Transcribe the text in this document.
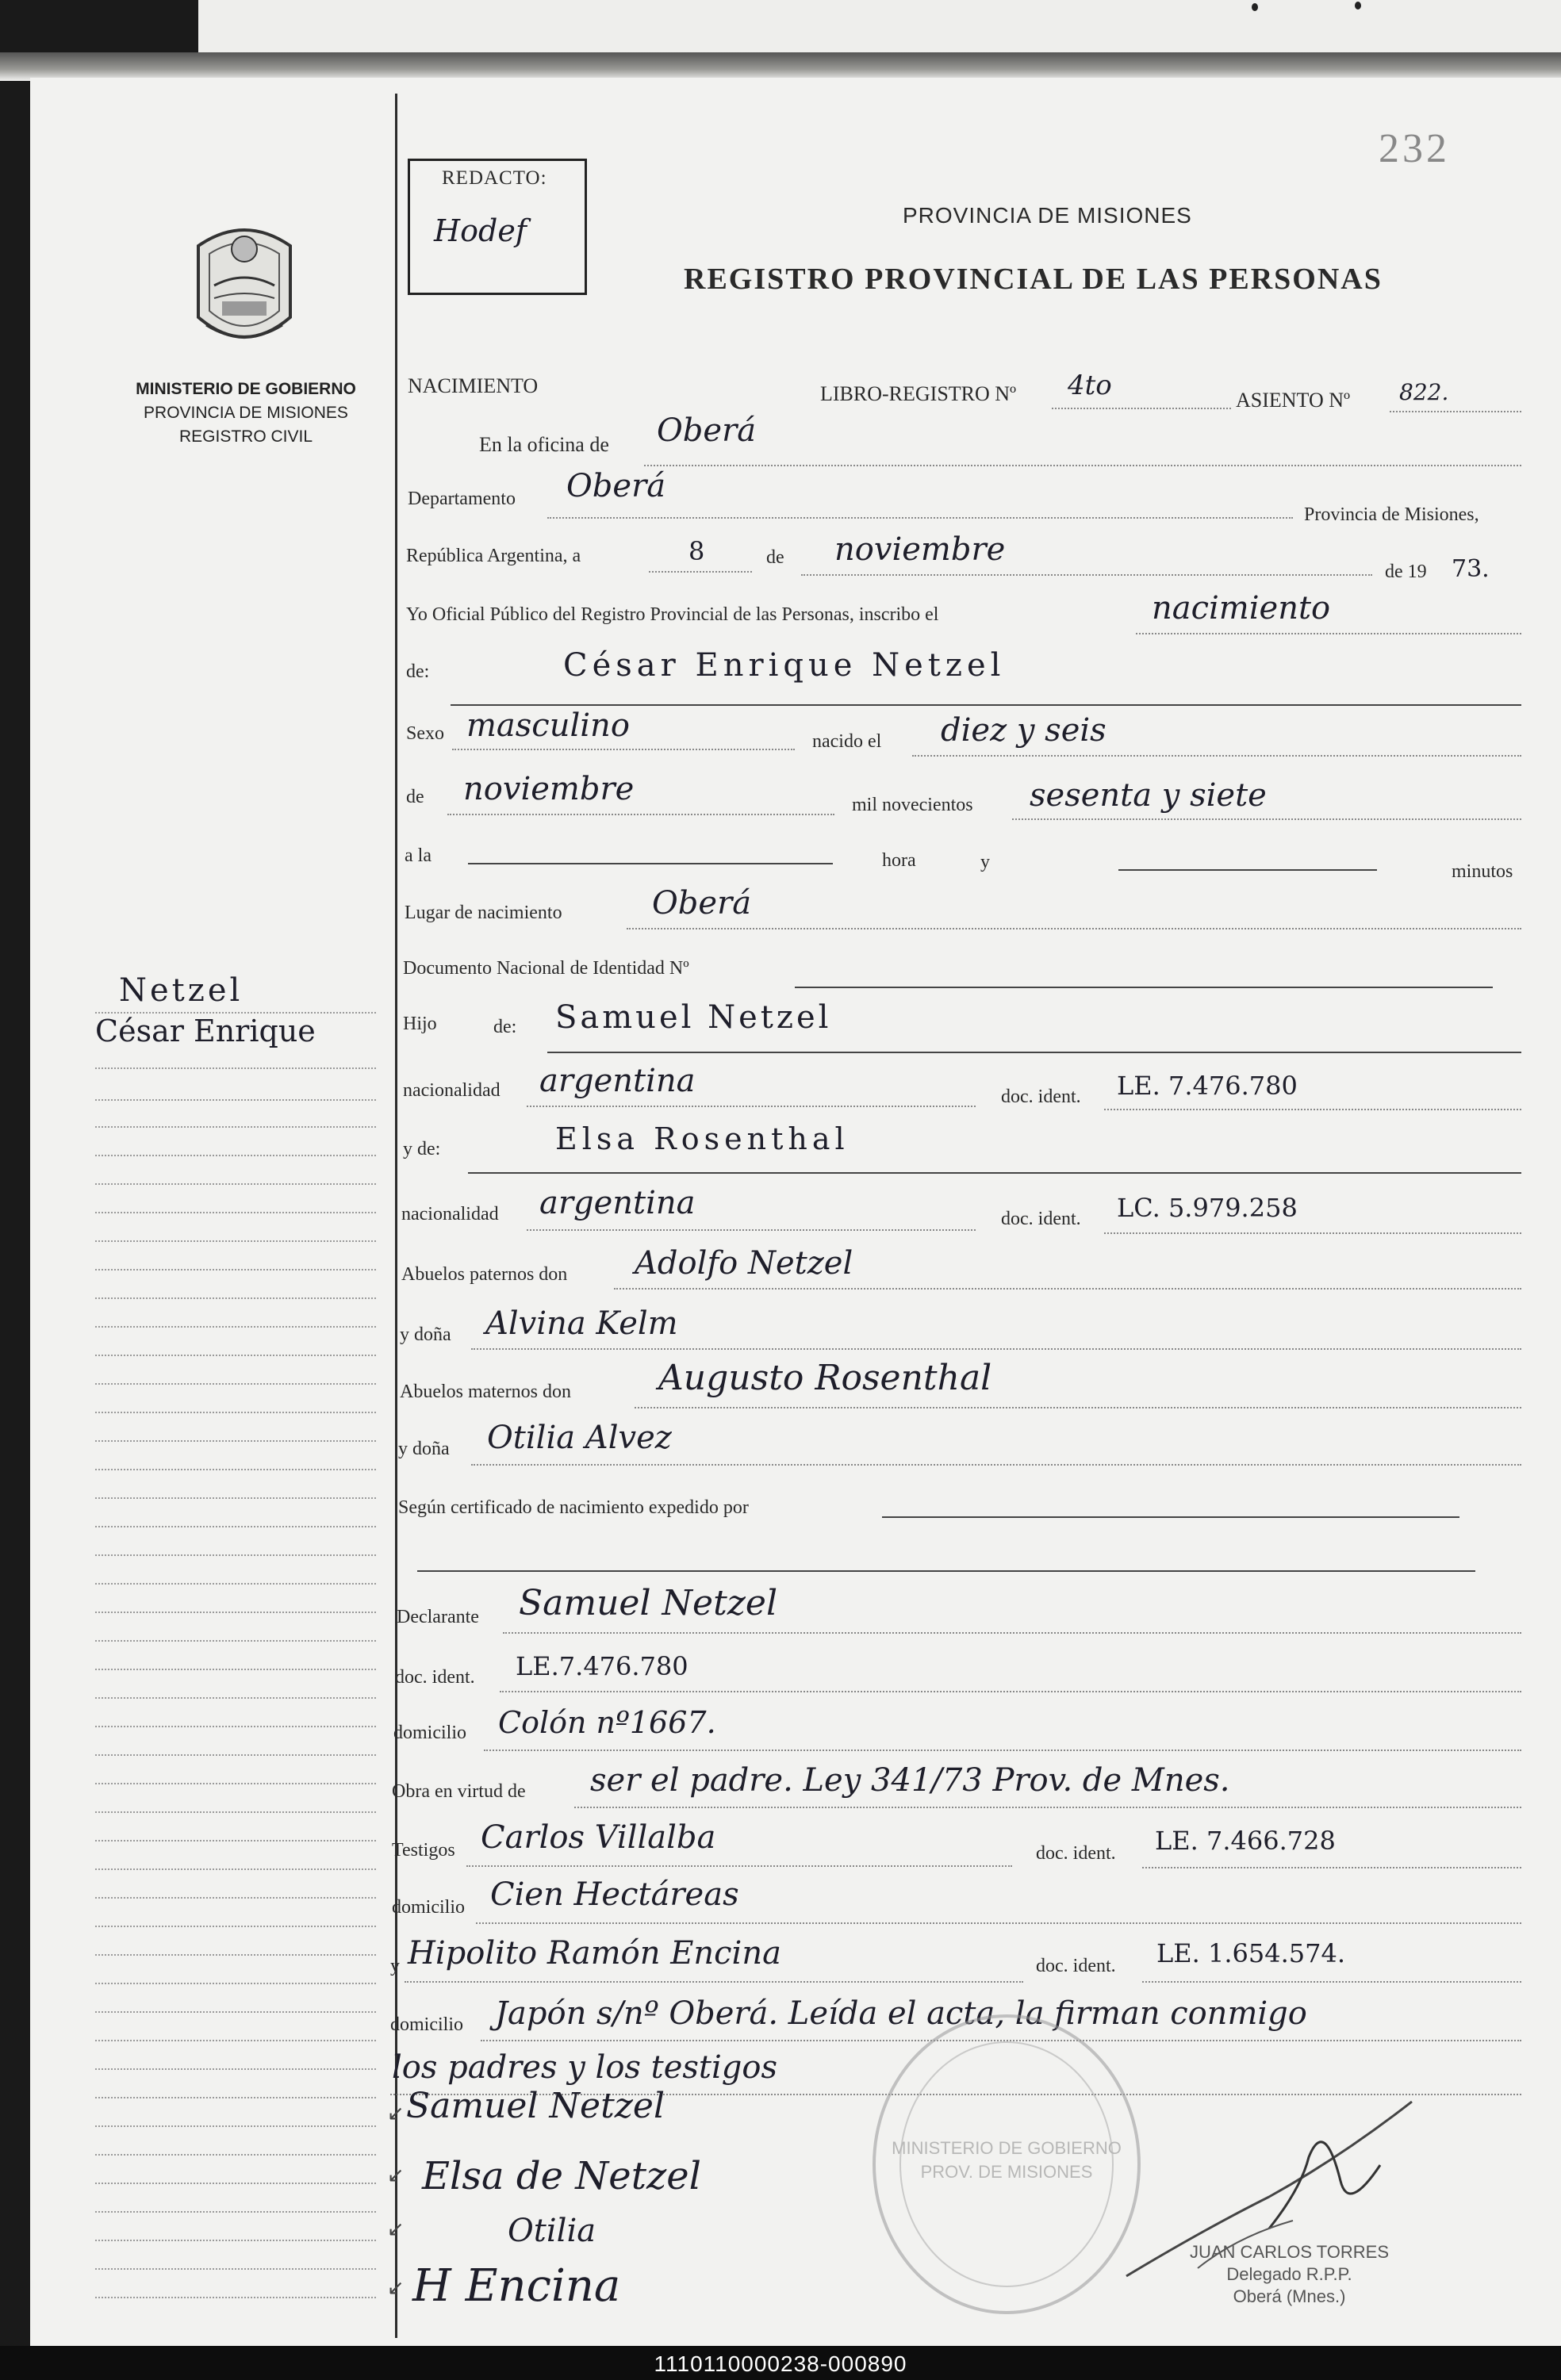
REDACTO:
Hodef	PROVINCIA DE MISIONES
REGISTRO PROVINCIAL DE LAS PERSONAS
232
MINISTERIO DE GOBIERNO
PROVINCIA DE MISIONES
REGISTRO CIVIL
Netzel
César Enrique
NACIMIENTO	LIBRO-REGISTRO Nº 4to	ASIENTO Nº 822.
En la oficina de Oberá
Departamento Oberá
Provincia de Misiones,
República Argentina, a	8	de noviembre
de 19 73.
Yo Oficial Público del Registro Provincial de las Personas, inscribo el	nacimiento
de:	César Enrique Netzel
Sexo masculino	nacido el diez y seis
de noviembre	mil novecientos sesenta y siete
a la	hora	y	minutos
Lugar de nacimiento	Oberá
Documento Nacional de Identidad Nº
Hijo	de: Samuel Netzel
nacionalidad argentina	doc. ident. LE. 7.476.780
y de:	Elsa Rosenthal
nacionalidad argentina	doc. ident. LC. 5.979.258
Abuelos paternos don Adolfo Netzel
y doña Alvina Kelm
Abuelos maternos don	Augusto Rosenthal
y doña Otilia Alvez
Según certificado de nacimiento expedido por
Declarante Samuel Netzel
doc. ident. LE.7.476.780
domicilio Colón nº1667.
Obra en virtud de ser el padre. Ley 341/73 Prov. de Mnes.
Testigos Carlos Villalba	doc. ident. LE. 7.466.728
domicilio Cien Hectáreas
y Hipolito Ramón Encina	doc. ident. LE. 1.654.574.
domicilio Japón s/nº Oberá. Leída el acta, la firman conmigo
los padres y los testigos
↙
↙
↙
↙
Samuel Netzel
Elsa de Netzel
Otilia
H Encina
MINISTERIO DE GOBIERNO
PROV. DE MISIONES
JUAN CARLOS TORRES
Delegado R.P.P.
Oberá (Mnes.)
1110110000238-000890
